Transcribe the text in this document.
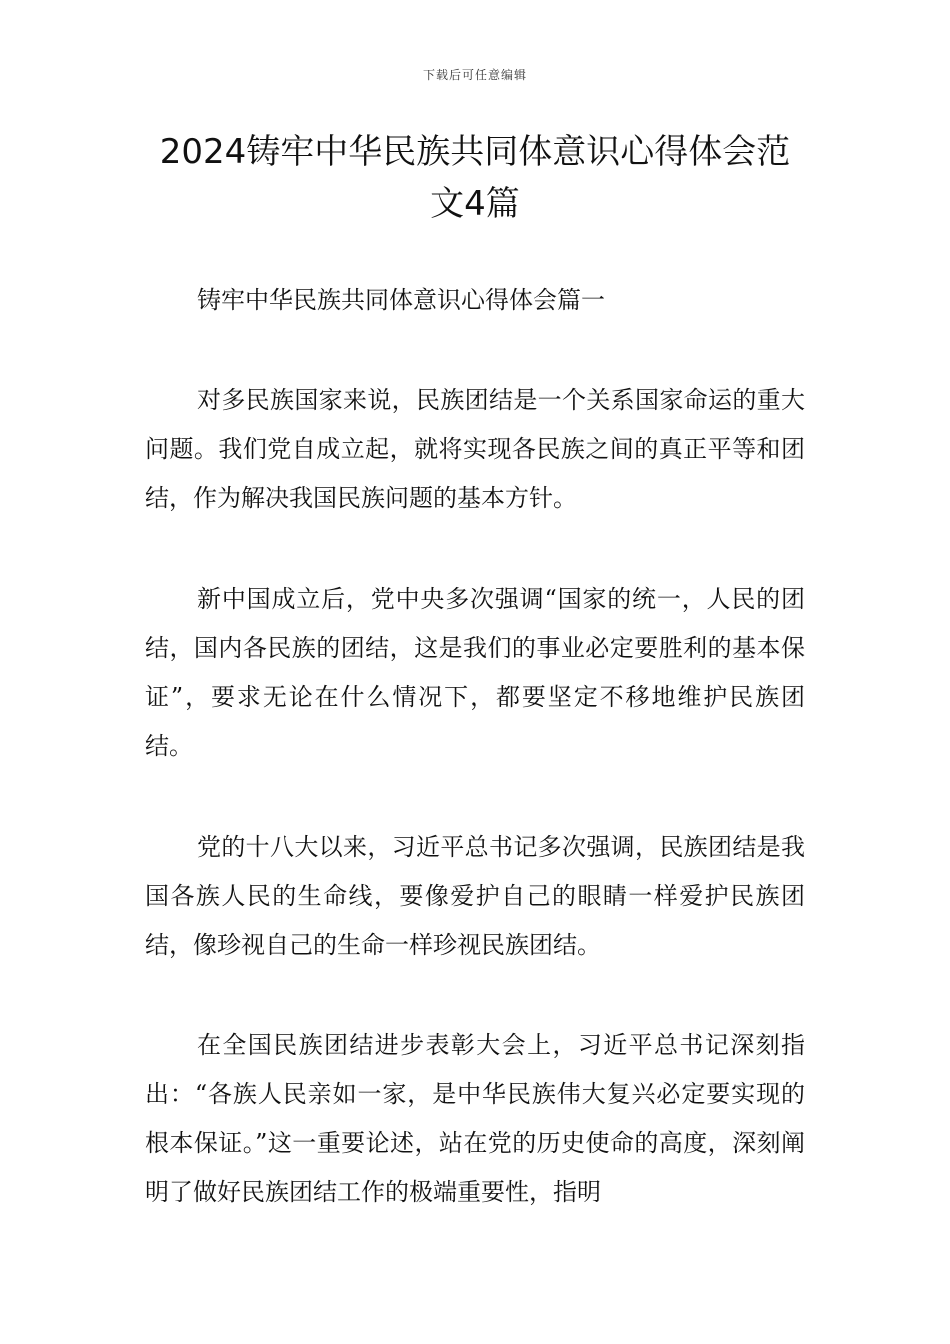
下载后可任意编辑
2024铸牢中华民族共同体意识心得体会范文4篇

铸牢中华民族共同体意识心得体会篇一

对多民族国家来说，民族团结是一个关系国家命运的重大问题。我们党自成立起，就将实现各民族之间的真正平等和团结，作为解决我国民族问题的基本方针。

新中国成立后，党中央多次强调“国家的统一，人民的团结，国内各民族的团结，这是我们的事业必定要胜利的基本保证”，要求无论在什么情况下，都要坚定不移地维护民族团结。

党的十八大以来，习近平总书记多次强调，民族团结是我国各族人民的生命线，要像爱护自己的眼睛一样爱护民族团结，像珍视自己的生命一样珍视民族团结。

在全国民族团结进步表彰大会上，习近平总书记深刻指出：“各族人民亲如一家，是中华民族伟大复兴必定要实现的根本保证。”这一重要论述，站在党的历史使命的高度，深刻阐明了做好民族团结工作的极端重要性，指明
